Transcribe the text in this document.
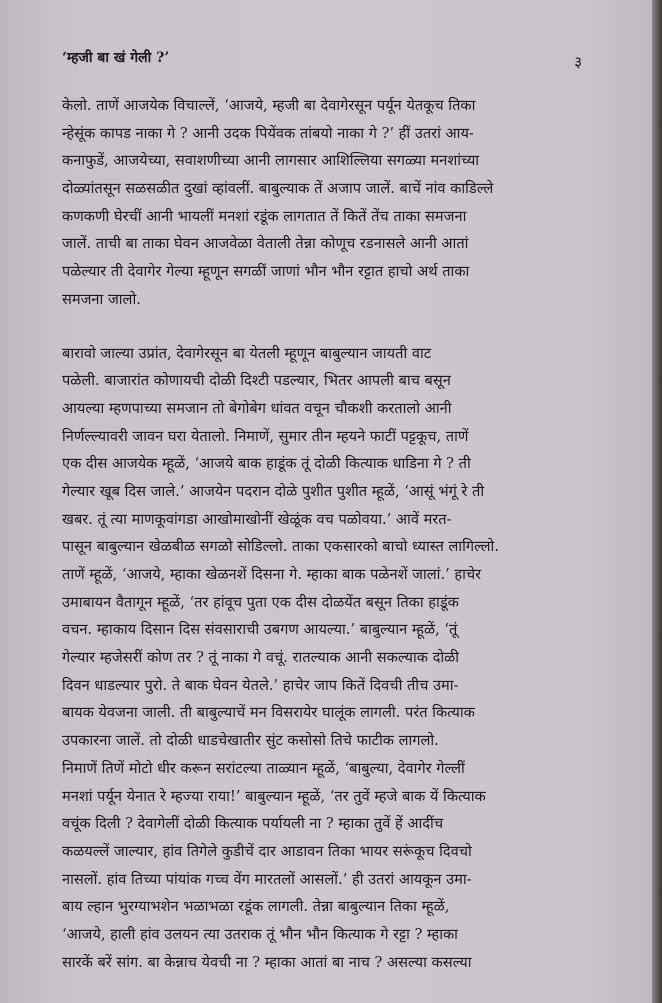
‘म्हजी बा खं गेली ?’	३
केलो. ताणें आजयेक विचाल्लें, ‘आजये, म्हजी बा देवागेरसून पर्यून येतकूच तिका
न्हेसूंक कापड नाका गे ? आनी उदक पियेंवक तांबयो नाका गे ?’ हीं उतरां आय-
कनाफुडें, आजयेच्या, सवाशणीच्या आनी लागसार आशिल्लिया सगळ्या मनशांच्या
दोळ्यांतसून सळसळीत दुखां व्हांवलीं. बाबुल्याक तें अजाप जालें. बाचें नांव काडिल्ले
कणकणी घेरचीं आनी भायलीं मनशां रडूंक लागतात तें कितें तेंच ताका समजना
जालें. ताची बा ताका घेवन आजवेळा वेताली तेन्ना कोणूच रडनासले आनी आतां
पळेल्यार ती देवागेर गेल्या म्हूणून सगळीं जाणां भौन भौन रट्टात हाचो अर्थ ताका
समजना जालो.
बारावो जाल्या उप्रांत, देवागेरसून बा येतली म्हूणून बाबुल्यान जायती वाट
पळेली. बाजारांत कोणायची दोळी दिश्टी पडल्यार, भितर आपली बाच बसून
आयल्या म्हणपाच्या समजान तो बेगोबेग धांवत वचून चौकशी करतालो आनी
निर्णल्ल्यावरी जावन घरा येतालो. निमाणें, सुमार तीन म्हयने फाटीं पट्टकूच, ताणें
एक दीस आजयेक म्हूळें, ‘आजये बाक हाडूंक तूं दोळी कित्याक धाडिना गे ? ती
गेल्यार खूब दिस जाले.’ आजयेन पदरान दोळे पुशीत पुशीत म्हूळें, ‘आसूं भंगूं रे ती
खबर. तूं त्या माणकूवांगडा आखोमाखोनीं खेळूंक वच पळोवया.’ आवें मरत-
पासून बाबुल्यान खेळबीळ सगळो सोडिल्लो. ताका एकसारको बाचो ध्यास्त लागिल्लो.
ताणें म्हूळें, ‘आजये, म्हाका खेळनशें दिसना गे. म्हाका बाक पळेनशें जालां.’ हाचेर
उमाबायन वैतागून म्हूळें, ‘तर हांवूच पुता एक दीस दोळयेंत बसून तिका हाडूंक
वचन. म्हाकाय दिसान दिस संवसाराची उबगण आयल्या.’ बाबुल्यान म्हूळें, ‘तूं
गेल्यार म्हजेसरीं कोण तर ? तूं नाका गे वचूं. रातल्याक आनी सकल्याक दोळी
दिवन धाडल्यार पुरो. ते बाक घेवन येतले.’ हाचेर जाप कितें दिवची तीच उमा-
बायक येवजना जाली. ती बाबुल्याचें मन विसरायेर घालूंक लागली. परंत कित्याक
उपकारना जालें. तो दोळी धाडचेखातीर सुंट कसोसो तिचे फाटीक लागलो.
निमाणें तिणें मोटो धीर करून सरांटल्या ताळ्यान म्हूळें, ‘बाबुल्या, देवागेर गेल्लीं
मनशां पर्यून येनात रे म्हज्या राया!’ बाबुल्यान म्हूळें, ‘तर तुवें म्हजे बाक यें कित्याक
वचूंक दिली ? देवागेलीं दोळी कित्याक पर्यायली ना ? म्हाका तुवें हें आदींच
कळयल्लें जाल्यार, हांव तिगेले कुडीचें दार आडावन तिका भायर सरूंकूच दिवचो
नासलों. हांव तिच्या पांयांक गच्च वेंग मारतलों आसलों.’ ही उतरां आयकून उमा-
बाय ल्हान भुरग्याभशेन भळाभळा रडूंक लागली. तेन्ना बाबुल्यान तिका म्हूळें,
‘आजये, हाली हांव उलयन त्या उतराक तूं भौन भौन कित्याक गे रट्टा ? म्हाका
सारकें बरें सांग. बा केन्नाच येवची ना ? म्हाका आतां बा नाच ? असल्या कसल्या
